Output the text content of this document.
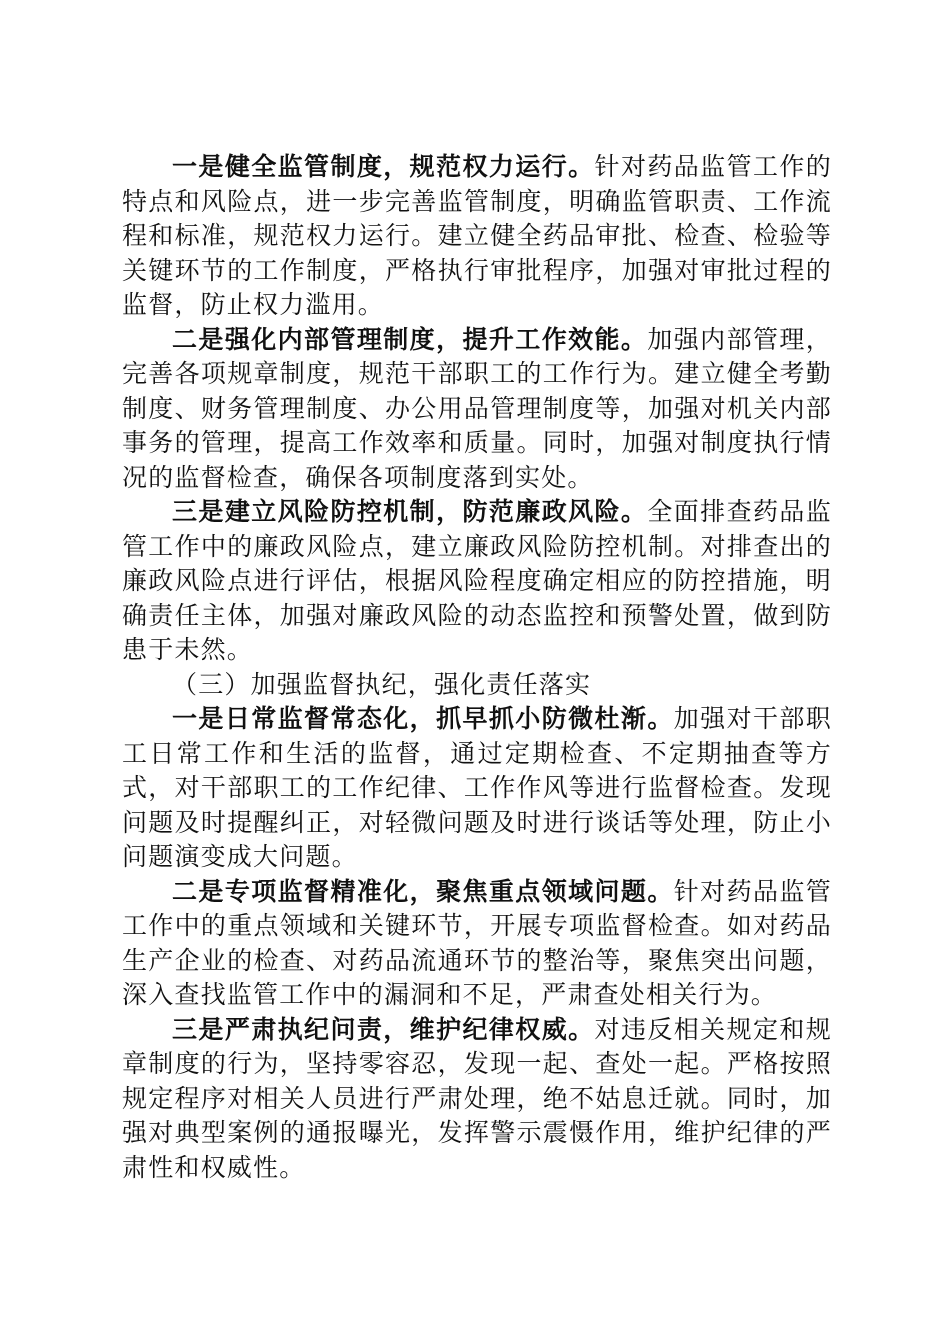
一是健全监管制度，规范权力运行。针对药品监管工作的特点和风险点，进一步完善监管制度，明确监管职责、工作流程和标准，规范权力运行。建立健全药品审批、检查、检验等关键环节的工作制度，严格执行审批程序，加强对审批过程的监督，防止权力滥用。

二是强化内部管理制度，提升工作效能。加强内部管理，完善各项规章制度，规范干部职工的工作行为。建立健全考勤制度、财务管理制度、办公用品管理制度等，加强对机关内部事务的管理，提高工作效率和质量。同时，加强对制度执行情况的监督检查，确保各项制度落到实处。

三是建立风险防控机制，防范廉政风险。全面排查药品监管工作中的廉政风险点，建立廉政风险防控机制。对排查出的廉政风险点进行评估，根据风险程度确定相应的防控措施，明确责任主体，加强对廉政风险的动态监控和预警处置，做到防患于未然。

（三）加强监督执纪，强化责任落实

一是日常监督常态化，抓早抓小防微杜渐。加强对干部职工日常工作和生活的监督，通过定期检查、不定期抽查等方式，对干部职工的工作纪律、工作作风等进行监督检查。发现问题及时提醒纠正，对轻微问题及时进行谈话等处理，防止小问题演变成大问题。

二是专项监督精准化，聚焦重点领域问题。针对药品监管工作中的重点领域和关键环节，开展专项监督检查。如对药品生产企业的检查、对药品流通环节的整治等，聚焦突出问题，深入查找监管工作中的漏洞和不足，严肃查处相关行为。

三是严肃执纪问责，维护纪律权威。对违反相关规定和规章制度的行为，坚持零容忍，发现一起、查处一起。严格按照规定程序对相关人员进行严肃处理，绝不姑息迁就。同时，加强对典型案例的通报曝光，发挥警示震慑作用，维护纪律的严肃性和权威性。
